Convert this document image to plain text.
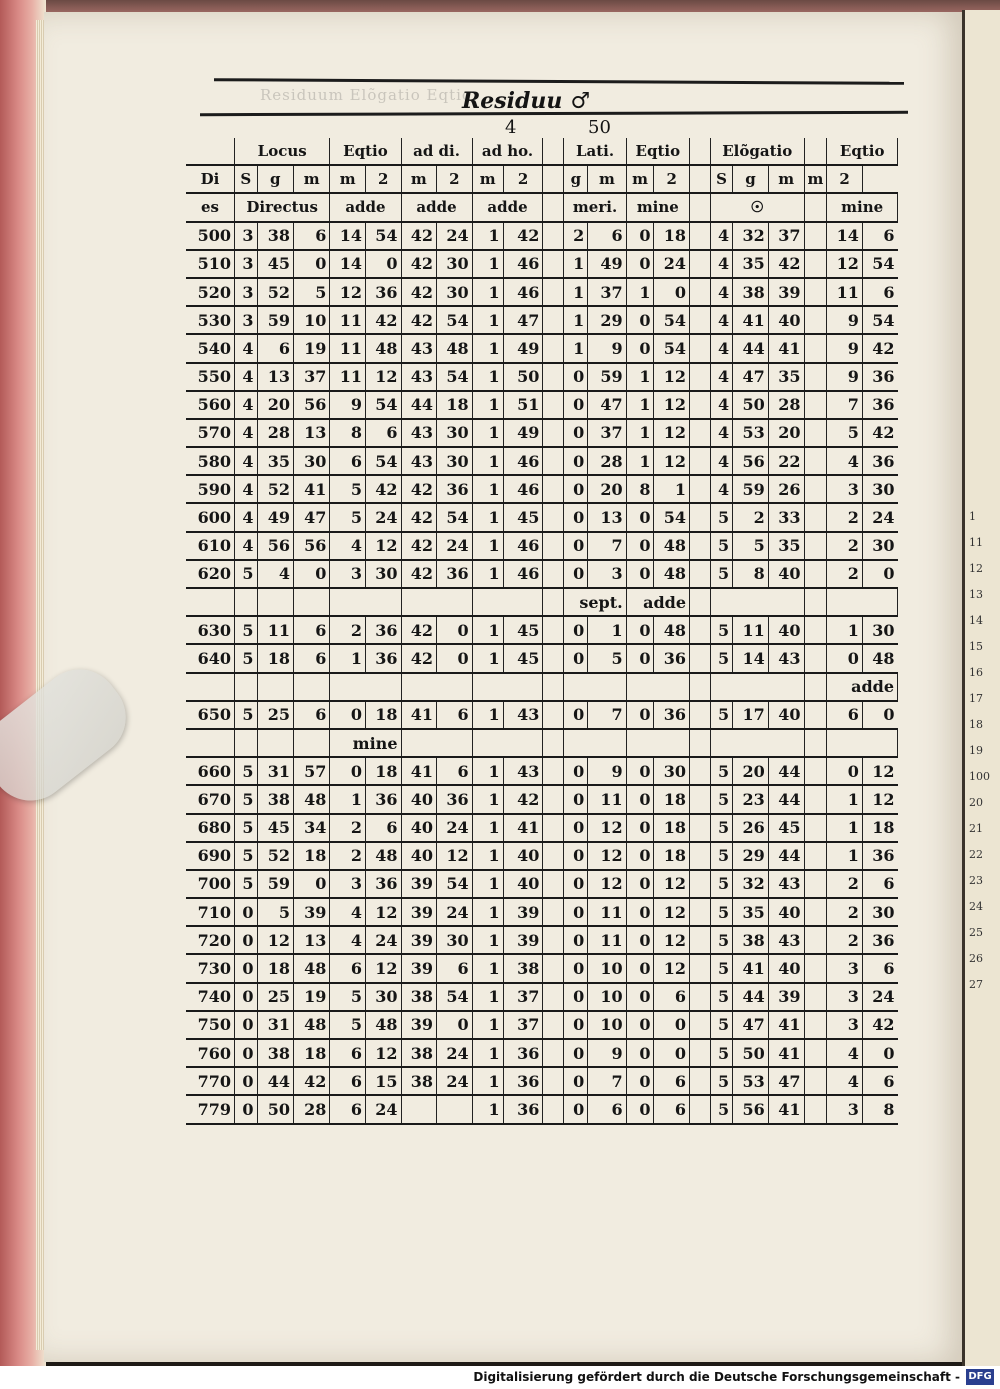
1
11
12
13
14
15
16
17
18
19
100
20
21
22
23
24
25
26
27
Residuum Elõgatio Eqtio
Residuu ♂
4	50
	Locus			Eqtio		ad di.		ad ho.			Lati.		Eqtio			Elõgatio				Eqtio	
Di	S	g	m	m	2	m	2	m	2		g	m	m	2		S	g	m	m	2	
es	Directus			adde		adde		adde			meri.		mine			☉				mine	
500	3	38	6	14	54	42	24	1	42		2	6	0	18		4	32	37		14	6
510	3	45	0	14	0	42	30	1	46		1	49	0	24		4	35	42		12	54
520	3	52	5	12	36	42	30	1	46		1	37	1	0		4	38	39		11	6
530	3	59	10	11	42	42	54	1	47		1	29	0	54		4	41	40		9	54
540	4	6	19	11	48	43	48	1	49		1	9	0	54		4	44	41		9	42
550	4	13	37	11	12	43	54	1	50		0	59	1	12		4	47	35		9	36
560	4	20	56	9	54	44	18	1	51		0	47	1	12		4	50	28		7	36
570	4	28	13	8	6	43	30	1	49		0	37	1	12		4	53	20		5	42
580	4	35	30	6	54	43	30	1	46		0	28	1	12		4	56	22		4	36
590	4	52	41	5	42	42	36	1	46		0	20	8	1		4	59	26		3	30
600	4	49	47	5	24	42	54	1	45		0	13	0	54		5	2	33		2	24
610	4	56	56	4	12	42	24	1	46		0	7	0	48		5	5	35		2	30
620	5	4	0	3	30	42	36	1	46		0	3	0	48		5	8	40		2	0
											sept.		adde								
630	5	11	6	2	36	42	0	1	45		0	1	0	48		5	11	40		1	30
640	5	18	6	1	36	42	0	1	45		0	5	0	36		5	14	43		0	48
																				adde	
650	5	25	6	0	18	41	6	1	43		0	7	0	36		5	17	40		6	0
				mine																	
660	5	31	57	0	18	41	6	1	43		0	9	0	30		5	20	44		0	12
670	5	38	48	1	36	40	36	1	42		0	11	0	18		5	23	44		1	12
680	5	45	34	2	6	40	24	1	41		0	12	0	18		5	26	45		1	18
690	5	52	18	2	48	40	12	1	40		0	12	0	18		5	29	44		1	36
700	5	59	0	3	36	39	54	1	40		0	12	0	12		5	32	43		2	6
710	0	5	39	4	12	39	24	1	39		0	11	0	12		5	35	40		2	30
720	0	12	13	4	24	39	30	1	39		0	11	0	12		5	38	43		2	36
730	0	18	48	6	12	39	6	1	38		0	10	0	12		5	41	40		3	6
740	0	25	19	5	30	38	54	1	37		0	10	0	6		5	44	39		3	24
750	0	31	48	5	48	39	0	1	37		0	10	0	0		5	47	41		3	42
760	0	38	18	6	12	38	24	1	36		0	9	0	0		5	50	41		4	0
770	0	44	42	6	15	38	24	1	36		0	7	0	6		5	53	47		4	6
779	0	50	28	6	24			1	36		0	6	0	6		5	56	41		3	8
Digitalisierung gefördert durch die Deutsche Forschungsgemeinschaft - DFG
